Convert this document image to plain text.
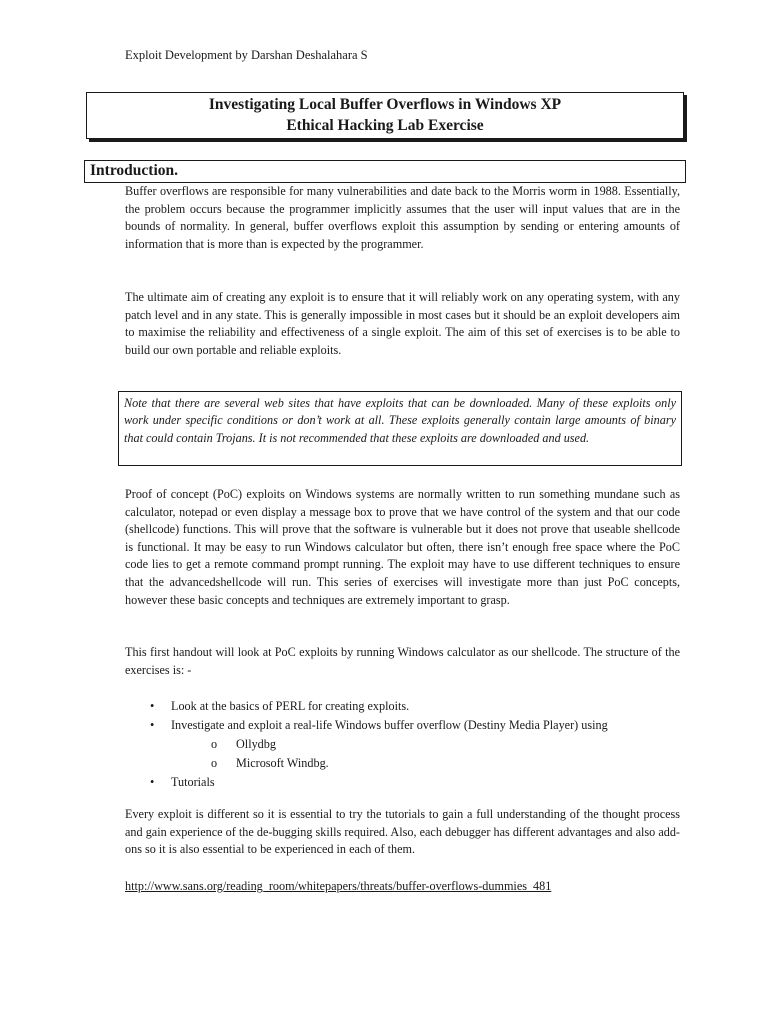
Exploit Development by Darshan Deshalahara S
Investigating Local Buffer Overflows in Windows XP
Ethical Hacking Lab Exercise
Introduction.

Buffer overflows are responsible for many vulnerabilities and date back to the Morris worm in 1988. Essentially, the problem occurs because the programmer implicitly assumes that the user will input values that are in the bounds of normality. In general, buffer overflows exploit this assumption by sending or entering amounts of information that is more than is expected by the programmer.

The ultimate aim of creating any exploit is to ensure that it will reliably work on any operating system, with any patch level and in any state. This is generally impossible in most cases but it should be an exploit developers aim to maximise the reliability and effectiveness of a single exploit. The aim of this set of exercises is to be able to build our own portable and reliable exploits.

Note that there are several web sites that have exploits that can be downloaded. Many of these exploits only work under specific conditions or don’t work at all. These exploits generally contain large amounts of binary that could contain Trojans. It is not recommended that these exploits are downloaded and used.

Proof of concept (PoC) exploits on Windows systems are normally written to run something mundane such as calculator, notepad or even display a message box to prove that we have control of the system and that our code (shellcode) functions. This will prove that the software is vulnerable but it does not prove that useable shellcode is functional. It may be easy to run Windows calculator but often, there isn’t enough free space where the PoC code lies to get a remote command prompt running. The exploit may have to use different techniques to ensure that the advancedshellcode will run. This series of exercises will investigate more than just PoC concepts, however these basic concepts and techniques are extremely important to grasp.

This first handout will look at PoC exploits by running Windows calculator as our shellcode. The structure of the exercises is: -

• Look at the basics of PERL for creating exploits.
• Investigate and exploit a real-life Windows buffer overflow (Destiny Media Player) using
o Ollydbg
o Microsoft Windbg.
• Tutorials

Every exploit is different so it is essential to try the tutorials to gain a full understanding of the thought process and gain experience of the de-bugging skills required. Also, each debugger has different advantages and also add-ons so it is also essential to be experienced in each of them.

http://www.sans.org/reading_room/whitepapers/threats/buffer-overflows-dummies_481
